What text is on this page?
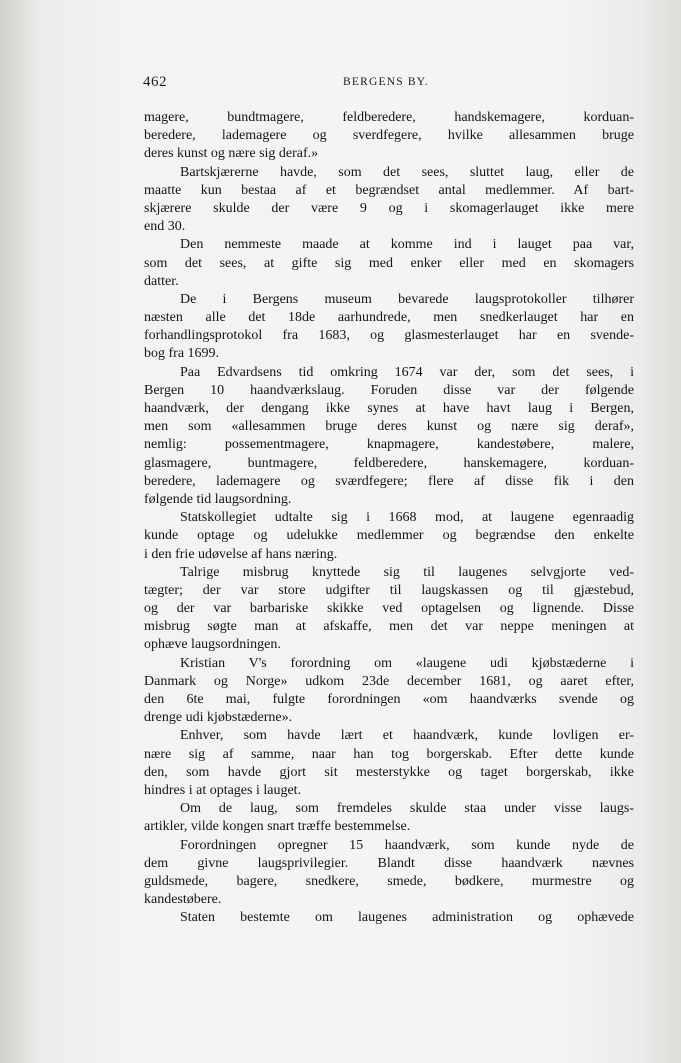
462	BERGENS BY.
magere, bundtmagere, feldberedere, handskemagere, korduan-
beredere, lademagere og sverdfegere, hvilke allesammen bruge
deres kunst og nære sig deraf.»
Bartskjærerne havde, som det sees, sluttet laug, eller de
maatte kun bestaa af et begrændset antal medlemmer. Af bart-
skjærere skulde der være 9 og i skomagerlauget ikke mere
end 30.
Den nemmeste maade at komme ind i lauget paa var,
som det sees, at gifte sig med enker eller med en skomagers
datter.
De i Bergens museum bevarede laugsprotokoller tilhører
næsten alle det 18de aarhundrede, men snedkerlauget har en
forhandlingsprotokol fra 1683, og glasmesterlauget har en svende-
bog fra 1699.
Paa Edvardsens tid omkring 1674 var der, som det sees, i
Bergen 10 haandværkslaug. Foruden disse var der følgende
haandværk, der dengang ikke synes at have havt laug i Bergen,
men som «allesammen bruge deres kunst og nære sig deraf»,
nemlig: possementmagere, knapmagere, kandestøbere, malere,
glasmagere, buntmagere, feldberedere, hanskemagere, korduan-
beredere, lademagere og sværdfegere; flere af disse fik i den
følgende tid laugsordning.
Statskollegiet udtalte sig i 1668 mod, at laugene egenraadig
kunde optage og udelukke medlemmer og begrændse den enkelte
i den frie udøvelse af hans næring.
Talrige misbrug knyttede sig til laugenes selvgjorte ved-
tægter; der var store udgifter til laugskassen og til gjæstebud,
og der var barbariske skikke ved optagelsen og lignende. Disse
misbrug søgte man at afskaffe, men det var neppe meningen at
ophæve laugsordningen.
Kristian V's forordning om «laugene udi kjøbstæderne i
Danmark og Norge» udkom 23de december 1681, og aaret efter,
den 6te mai, fulgte forordningen «om haandværks svende og
drenge udi kjøbstæderne».
Enhver, som havde lært et haandværk, kunde lovligen er-
nære sig af samme, naar han tog borgerskab. Efter dette kunde
den, som havde gjort sit mesterstykke og taget borgerskab, ikke
hindres i at optages i lauget.
Om de laug, som fremdeles skulde staa under visse laugs-
artikler, vilde kongen snart træffe bestemmelse.
Forordningen opregner 15 haandværk, som kunde nyde de
dem givne laugsprivilegier. Blandt disse haandværk nævnes
guldsmede, bagere, snedkere, smede, bødkere, murmestre og
kandestøbere.
Staten bestemte om laugenes administration og ophævede
